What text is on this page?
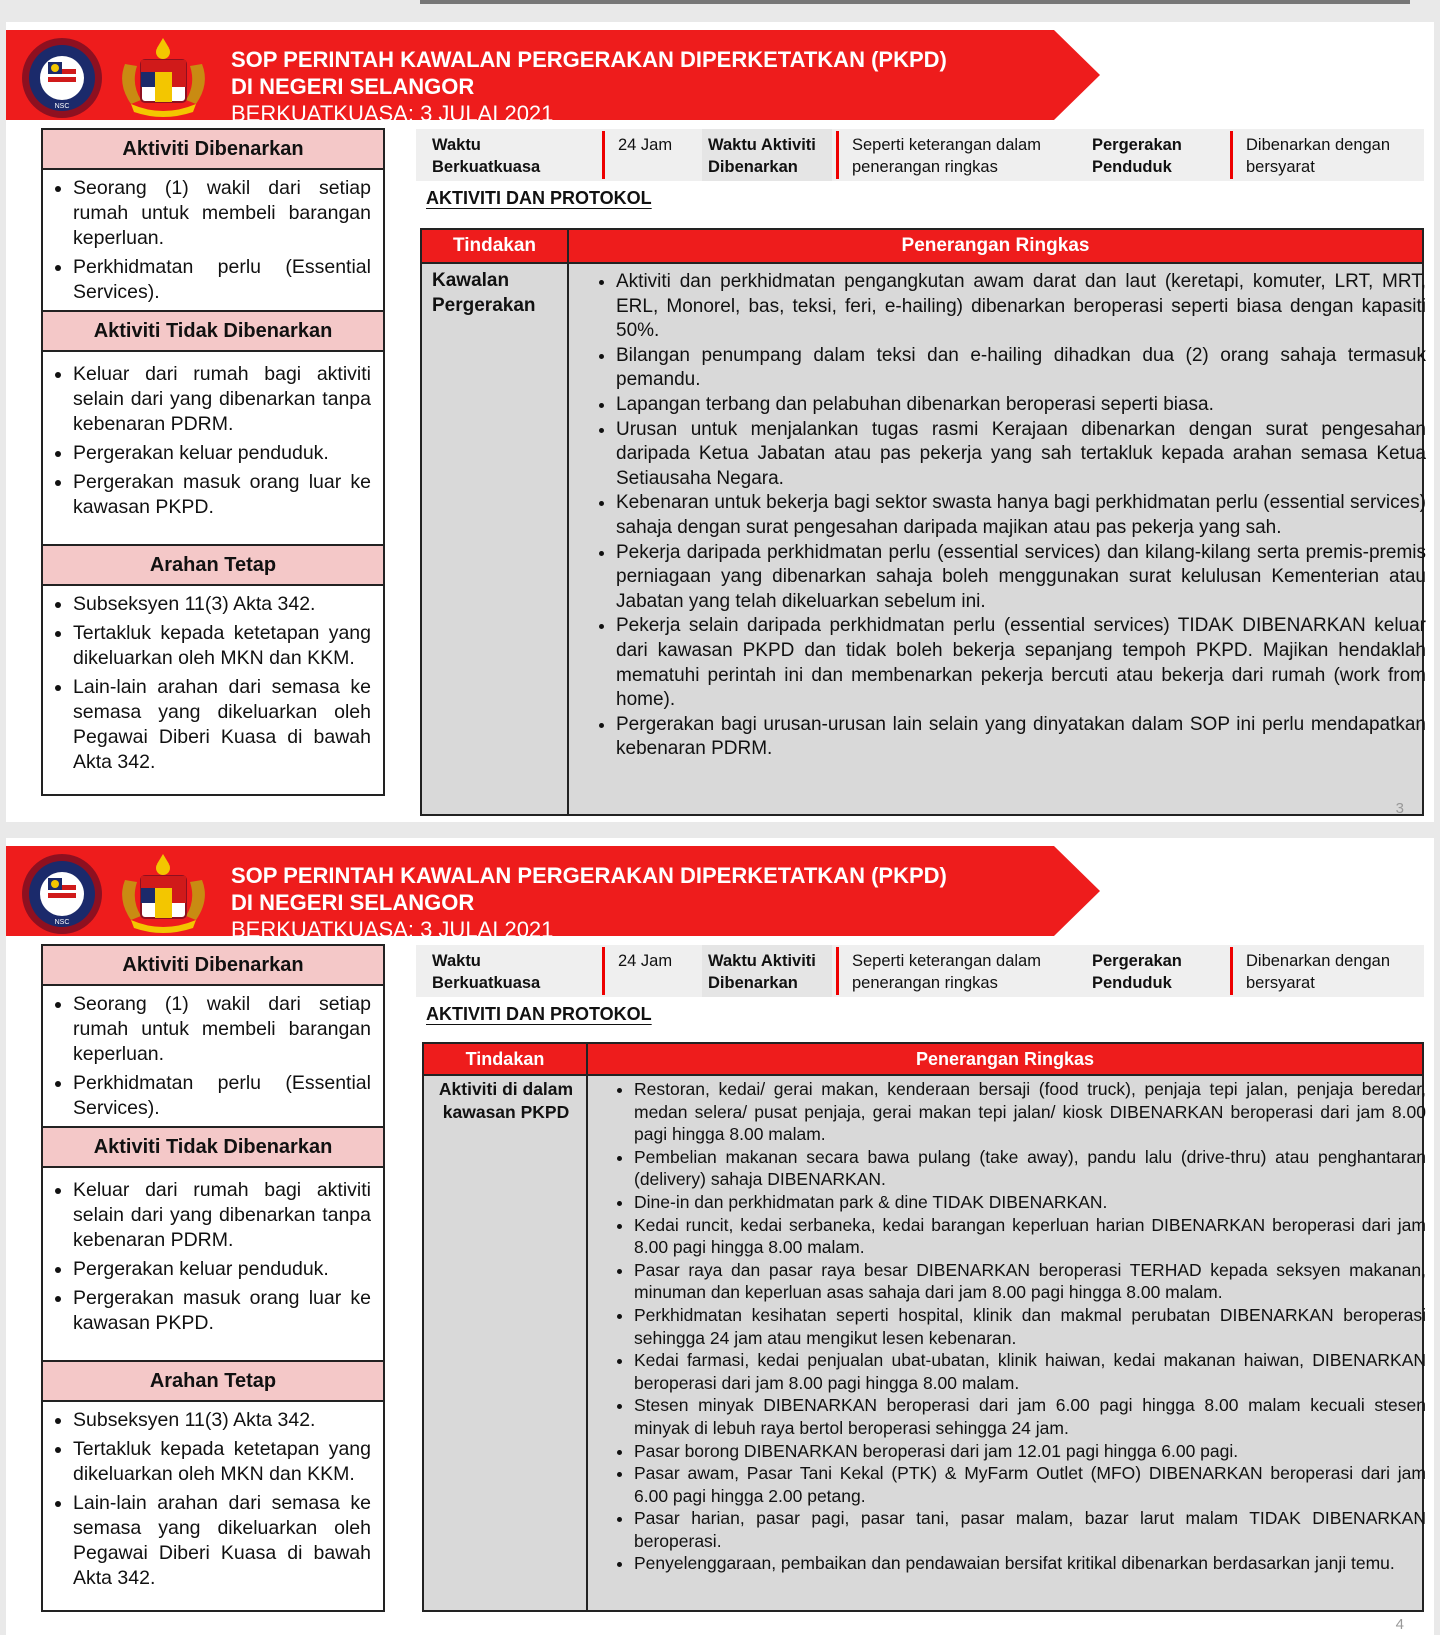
NSC
SOP PERINTAH KAWALAN PERGERAKAN DIPERKETATKAN (PKPD)
DI NEGERI SELANGOR
BERKUATKUASA: 3 JULAI 2021
Aktiviti Dibenarkan
• Seorang (1) wakil dari setiap rumah untuk membeli barangan keperluan.
• Perkhidmatan perlu (Essential Services).
Aktiviti Tidak Dibenarkan
• Keluar dari rumah bagi aktiviti selain dari yang dibenarkan tanpa kebenaran PDRM.
• Pergerakan keluar penduduk.
• Pergerakan masuk orang luar ke kawasan PKPD.
Arahan Tetap
• Subseksyen 11(3) Akta 342.
• Tertakluk kepada ketetapan yang dikeluarkan oleh MKN dan KKM.
• Lain-lain arahan dari semasa ke semasa yang dikeluarkan oleh Pegawai Diberi Kuasa di bawah Akta 342.
Waktu Berkuatkuasa
24 Jam	Waktu Aktiviti Dibenarkan
Seperti keterangan dalam penerangan ringkas
Pergerakan Penduduk
Dibenarkan dengan bersyarat
AKTIVITI DAN PROTOKOL
Tindakan	Penerangan Ringkas
Kawalan Pergerakan
• Aktiviti dan perkhidmatan pengangkutan awam darat dan laut (keretapi, komuter, LRT, MRT, ERL, Monorel, bas, teksi, feri, e-hailing) dibenarkan beroperasi seperti biasa dengan kapasiti 50%.
• Bilangan penumpang dalam teksi dan e-hailing dihadkan dua (2) orang sahaja termasuk pemandu.
• Lapangan terbang dan pelabuhan dibenarkan beroperasi seperti biasa.
• Urusan untuk menjalankan tugas rasmi Kerajaan dibenarkan dengan surat pengesahan daripada Ketua Jabatan atau pas pekerja yang sah tertakluk kepada arahan semasa Ketua Setiausaha Negara.
• Kebenaran untuk bekerja bagi sektor swasta hanya bagi perkhidmatan perlu (essential services) sahaja dengan surat pengesahan daripada majikan atau pas pekerja yang sah.
• Pekerja daripada perkhidmatan perlu (essential services) dan kilang-kilang serta premis-premis perniagaan yang dibenarkan sahaja boleh menggunakan surat kelulusan Kementerian atau Jabatan yang telah dikeluarkan sebelum ini.
• Pekerja selain daripada perkhidmatan perlu (essential services) TIDAK DIBENARKAN keluar dari kawasan PKPD dan tidak boleh bekerja sepanjang tempoh PKPD. Majikan hendaklah mematuhi perintah ini dan membenarkan pekerja bercuti atau bekerja dari rumah (work from home).
• Pergerakan bagi urusan-urusan lain selain yang dinyatakan dalam SOP ini perlu mendapatkan kebenaran PDRM.
3
NSC
SOP PERINTAH KAWALAN PERGERAKAN DIPERKETATKAN (PKPD)
DI NEGERI SELANGOR
BERKUATKUASA: 3 JULAI 2021
Aktiviti Dibenarkan
• Seorang (1) wakil dari setiap rumah untuk membeli barangan keperluan.
• Perkhidmatan perlu (Essential Services).
Aktiviti Tidak Dibenarkan
• Keluar dari rumah bagi aktiviti selain dari yang dibenarkan tanpa kebenaran PDRM.
• Pergerakan keluar penduduk.
• Pergerakan masuk orang luar ke kawasan PKPD.
Arahan Tetap
• Subseksyen 11(3) Akta 342.
• Tertakluk kepada ketetapan yang dikeluarkan oleh MKN dan KKM.
• Lain-lain arahan dari semasa ke semasa yang dikeluarkan oleh Pegawai Diberi Kuasa di bawah Akta 342.
Waktu Berkuatkuasa
24 Jam	Waktu Aktiviti Dibenarkan
Seperti keterangan dalam penerangan ringkas
Pergerakan Penduduk
Dibenarkan dengan bersyarat
AKTIVITI DAN PROTOKOL
Tindakan	Penerangan Ringkas
Aktiviti di dalam kawasan PKPD
• Restoran, kedai/ gerai makan, kenderaan bersaji (food truck), penjaja tepi jalan, penjaja beredar, medan selera/ pusat penjaja, gerai makan tepi jalan/ kiosk DIBENARKAN beroperasi dari jam 8.00 pagi hingga 8.00 malam.
• Pembelian makanan secara bawa pulang (take away), pandu lalu (drive-thru) atau penghantaran (delivery) sahaja DIBENARKAN.
• Dine-in dan perkhidmatan park & dine TIDAK DIBENARKAN.
• Kedai runcit, kedai serbaneka, kedai barangan keperluan harian DIBENARKAN beroperasi dari jam 8.00 pagi hingga 8.00 malam.
• Pasar raya dan pasar raya besar DIBENARKAN beroperasi TERHAD kepada seksyen makanan, minuman dan keperluan asas sahaja dari jam 8.00 pagi hingga 8.00 malam.
• Perkhidmatan kesihatan seperti hospital, klinik dan makmal perubatan DIBENARKAN beroperasi sehingga 24 jam atau mengikut lesen kebenaran.
• Kedai farmasi, kedai penjualan ubat-ubatan, klinik haiwan, kedai makanan haiwan, DIBENARKAN beroperasi dari jam 8.00 pagi hingga 8.00 malam.
• Stesen minyak DIBENARKAN beroperasi dari jam 6.00 pagi hingga 8.00 malam kecuali stesen minyak di lebuh raya bertol beroperasi sehingga 24 jam.
• Pasar borong DIBENARKAN beroperasi dari jam 12.01 pagi hingga 6.00 pagi.
• Pasar awam, Pasar Tani Kekal (PTK) & MyFarm Outlet (MFO) DIBENARKAN beroperasi dari jam 6.00 pagi hingga 2.00 petang.
• Pasar harian, pasar pagi, pasar tani, pasar malam, bazar larut malam TIDAK DIBENARKAN beroperasi.
• Penyelenggaraan, pembaikan dan pendawaian bersifat kritikal dibenarkan berdasarkan janji temu.
4
